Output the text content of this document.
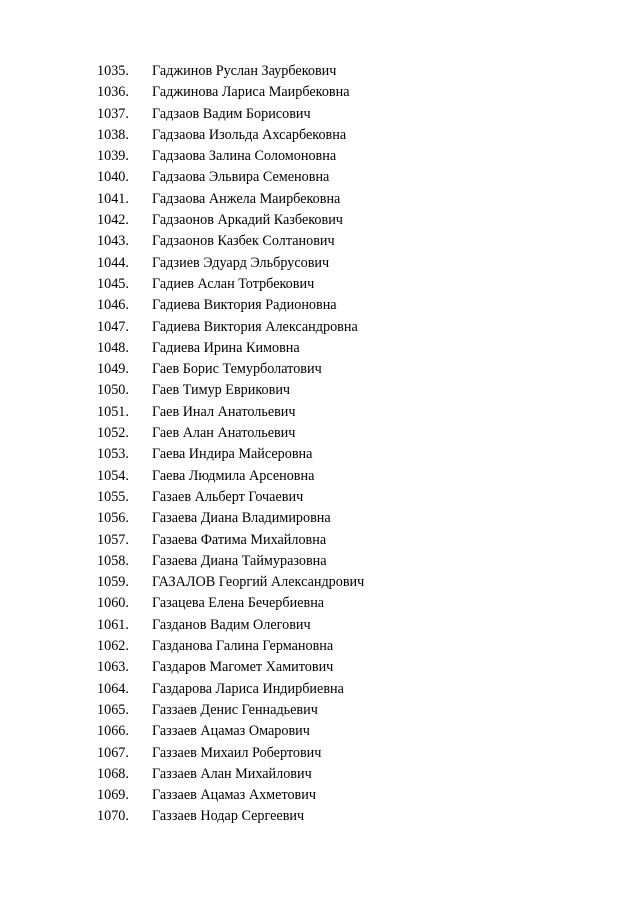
1035. Гаджинов Руслан Заурбекович
1036. Гаджинова Лариса Маирбековна
1037. Гадзаов Вадим Борисович
1038. Гадзаова Изольда Ахсарбековна
1039. Гадзаова Залина Соломоновна
1040. Гадзаова Эльвира Семеновна
1041. Гадзаова Анжела Маирбековна
1042. Гадзаонов Аркадий Казбекович
1043. Гадзаонов Казбек Солтанович
1044. Гадзиев Эдуард Эльбрусович
1045. Гадиев Аслан Тотрбекович
1046. Гадиева Виктория Радионовна
1047. Гадиева Виктория Александровна
1048. Гадиева Ирина Кимовна
1049. Гаев Борис Темурболатович
1050. Гаев Тимур Еврикович
1051. Гаев Инал Анатольевич
1052. Гаев Алан Анатольевич
1053. Гаева Индира Майсеровна
1054. Гаева Людмила Арсеновна
1055. Газаев Альберт Гочаевич
1056. Газаева Диана Владимировна
1057. Газаева Фатима Михайловна
1058. Газаева Диана Таймуразовна
1059. ГАЗАЛОВ Георгий Александрович
1060. Газацева Елена Бечербиевна
1061. Газданов Вадим Олегович
1062. Газданова Галина Германовна
1063. Газдаров Магомет Хамитович
1064. Газдарова Лариса Индирбиевна
1065. Газзаев Денис Геннадьевич
1066. Газзаев Ацамаз Омарович
1067. Газзаев Михаил Робертович
1068. Газзаев Алан Михайлович
1069. Газзаев Ацамаз Ахметович
1070. Газзаев Нодар Сергеевич
